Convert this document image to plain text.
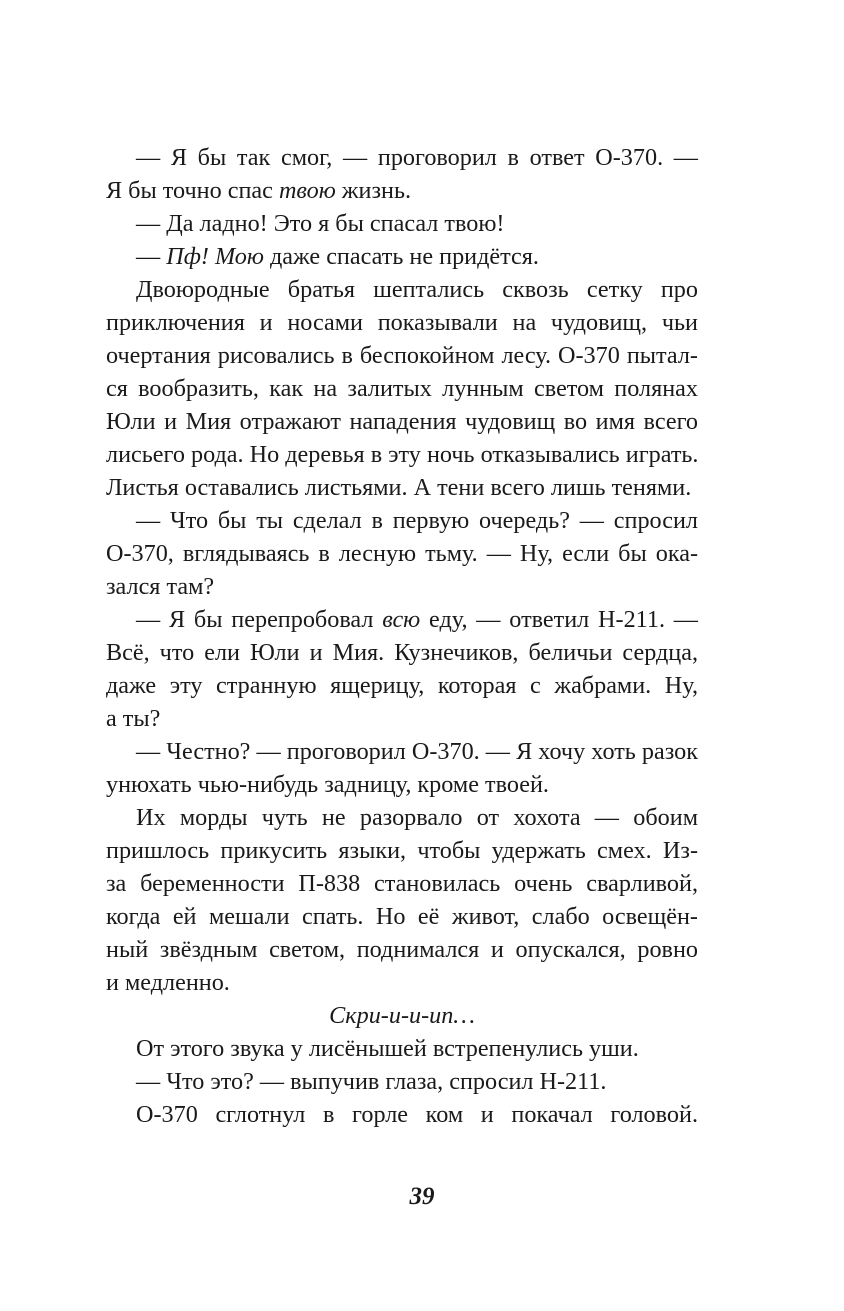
— Я бы так смог, — проговорил в ответ О-370. —
Я бы точно спас твою жизнь.
— Да ладно! Это я бы спасал твою!
— Пф! Мою даже спасать не придётся.
Двоюродные братья шептались сквозь сетку про
приключения и носами показывали на чудовищ, чьи
очертания рисовались в беспокойном лесу. О-370 пытал-
ся вообразить, как на залитых лунным светом полянах
Юли и Мия отражают нападения чудовищ во имя всего
лисьего рода. Но деревья в эту ночь отказывались играть.
Листья оставались листьями. А тени всего лишь тенями.
— Что бы ты сделал в первую очередь? — спросил
О-370, вглядываясь в лесную тьму. — Ну, если бы ока-
зался там?
— Я бы перепробовал всю еду, — ответил Н-211. —
Всё, что ели Юли и Мия. Кузнечиков, беличьи сердца,
даже эту странную ящерицу, которая с жабрами. Ну,
а ты?
— Честно? — проговорил О-370. — Я хочу хоть разок
унюхать чью-нибудь задницу, кроме твоей.
Их морды чуть не разорвало от хохота — обоим
пришлось прикусить языки, чтобы удержать смех. Из-
за беременности П-838 становилась очень сварливой,
когда ей мешали спать. Но её живот, слабо освещён-
ный звёздным светом, поднимался и опускался, ровно
и медленно.
Скри-и-и-ип…
От этого звука у лисёнышей встрепенулись уши.
— Что это? — выпучив глаза, спросил Н-211.
О-370 сглотнул в горле ком и покачал головой.
39
